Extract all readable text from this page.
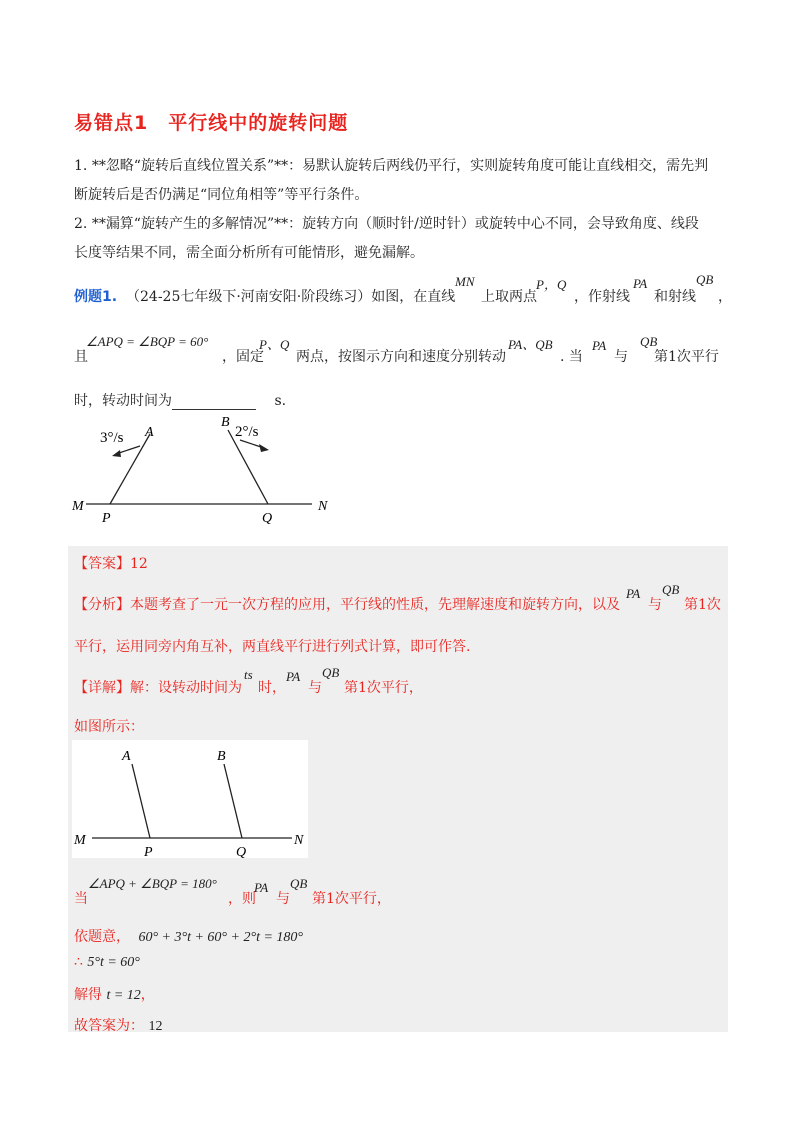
易错点1 平行线中的旋转问题
1. **忽略“旋转后直线位置关系”**：易默认旋转后两线仍平行，实则旋转角度可能让直线相交，需先判
断旋转后是否仍满足“同位角相等”等平行条件。
2. **漏算“旋转产生的多解情况”**：旋转方向（顺时针/逆时针）或旋转中心不同，会导致角度、线段
长度等结果不同，需全面分析所有可能情形，避免漏解。
例题1. （24-25七年级下·河南安阳·阶段练习）如图，在直线
MN
上取两点
P，Q
，作射线
PA
和射线
QB
，
且
∠APQ = ∠BQP = 60°
，固定
P、Q
两点，按图示方向和速度分别转动
PA、QB
. 当
PA
与
QB
第1次平行
时，转动时间为	s.
3°/s	2°/s
A
B
M	N
P	Q
【答案】12
【分析】本题考查了一元一次方程的应用，平行线的性质，先理解速度和旋转方向，以及
PA
与
QB
第1次
平行，运用同旁内角互补，两直线平行进行列式计算，即可作答.
【详解】解：设转动时间为
ts
时，
PA
与
QB
第1次平行，
如图所示：
A	B
M	N
P	Q
当
∠APQ + ∠BQP = 180°
，则
PA
与
QB
第1次平行，
依题意， 60° + 3°t + 60° + 2°t = 180°
∴ 5°t = 60°
解得 t = 12，
故答案为： 12
